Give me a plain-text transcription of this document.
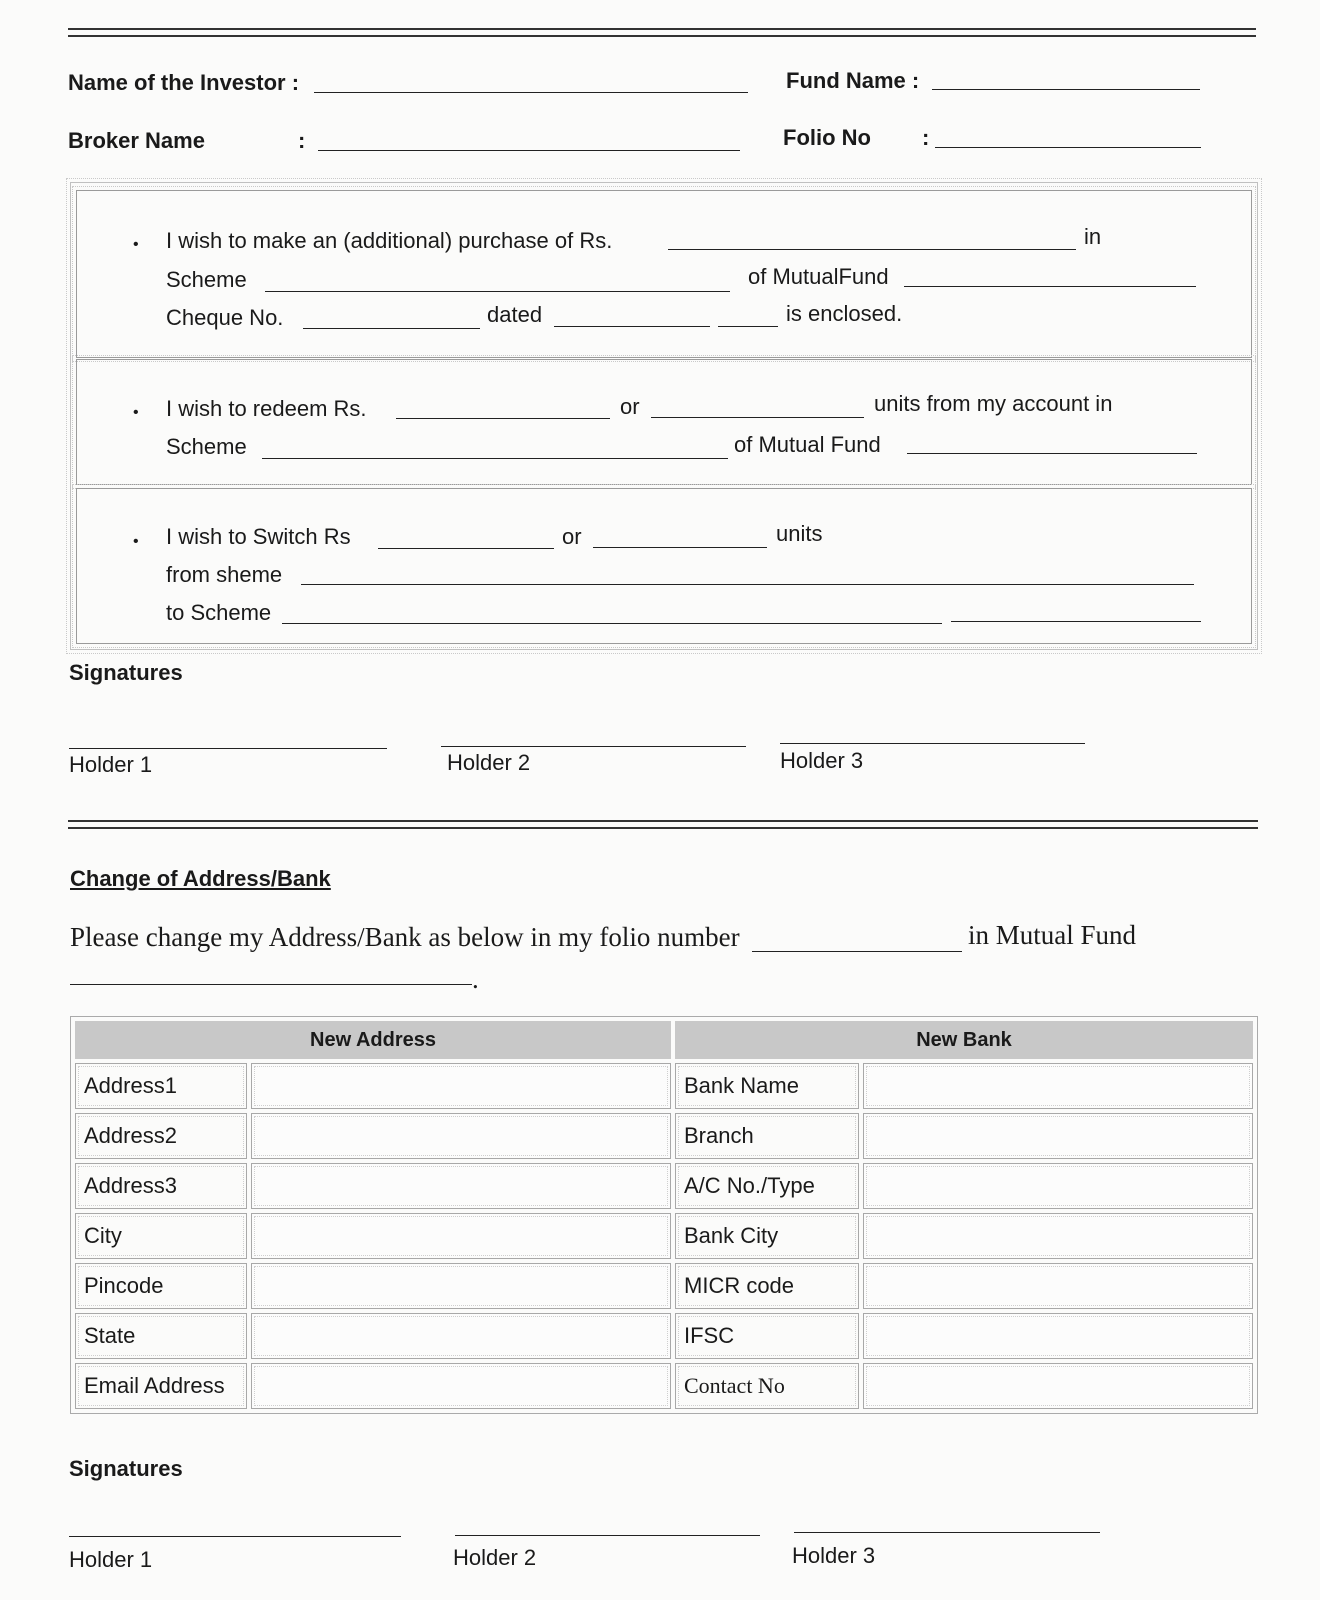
Name of the Investor :	Fund Name :
Broker Name	:	Folio No :
• I wish to make an (additional) purchase of Rs.	in
Scheme	of MutualFund
Cheque No.	dated	is enclosed.
• I wish to redeem Rs.	or	units from my account in
Scheme	of Mutual Fund
• I wish to Switch Rs	or	units
from sheme
to Scheme
Signatures
Holder 1	Holder 2	Holder 3
Change of Address/Bank
Please change my Address/Bank as below in my folio number	in Mutual Fund
.
New Address		New Bank	
Address1		Bank Name	
Address2		Branch	
Address3		A/C No./Type	
City		Bank City	
Pincode		MICR code	
State		IFSC	
Email Address		Contact No	
Signatures
Holder 1	Holder 2	Holder 3
